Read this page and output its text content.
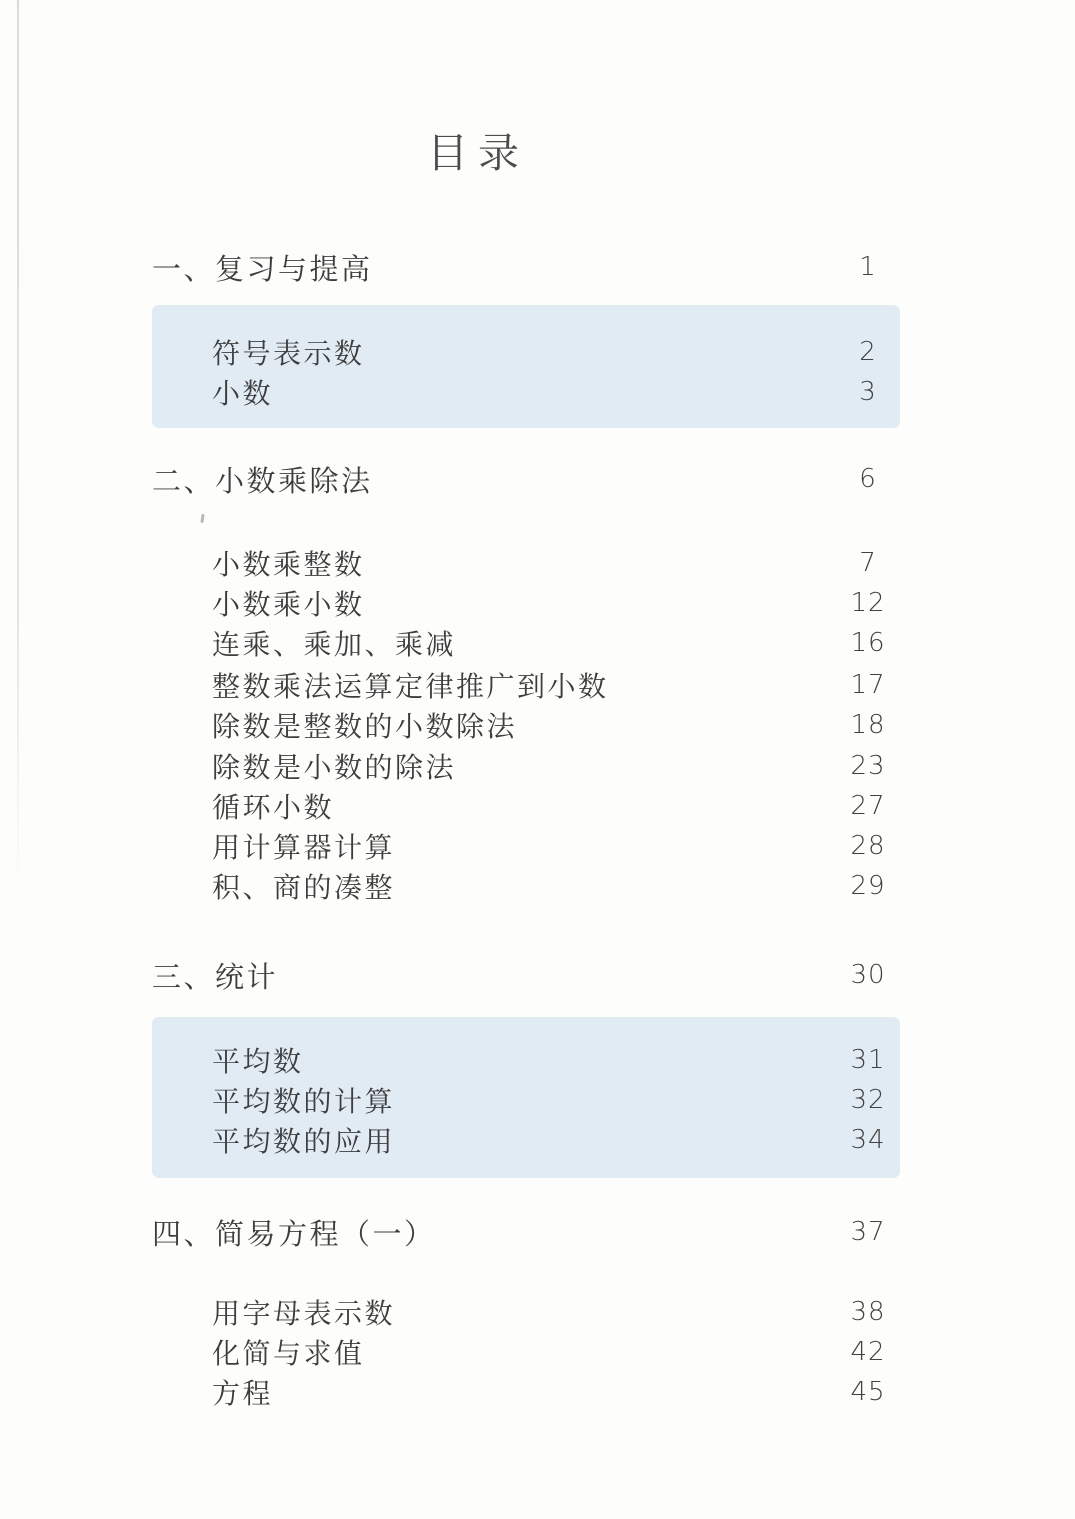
目录
一、复习与提高	1
符号表示数	2
小数	3
二、小数乘除法	6
小数乘整数	7
小数乘小数	12
连乘、乘加、乘减	16
整数乘法运算定律推广到小数	17
除数是整数的小数除法	18
除数是小数的除法	23
循环小数	27
用计算器计算	28
积、商的凑整	29
三、统计	30
平均数	31
平均数的计算	32
平均数的应用	34
四、简易方程（一）	37
用字母表示数	38
化简与求值	42
方程	45
